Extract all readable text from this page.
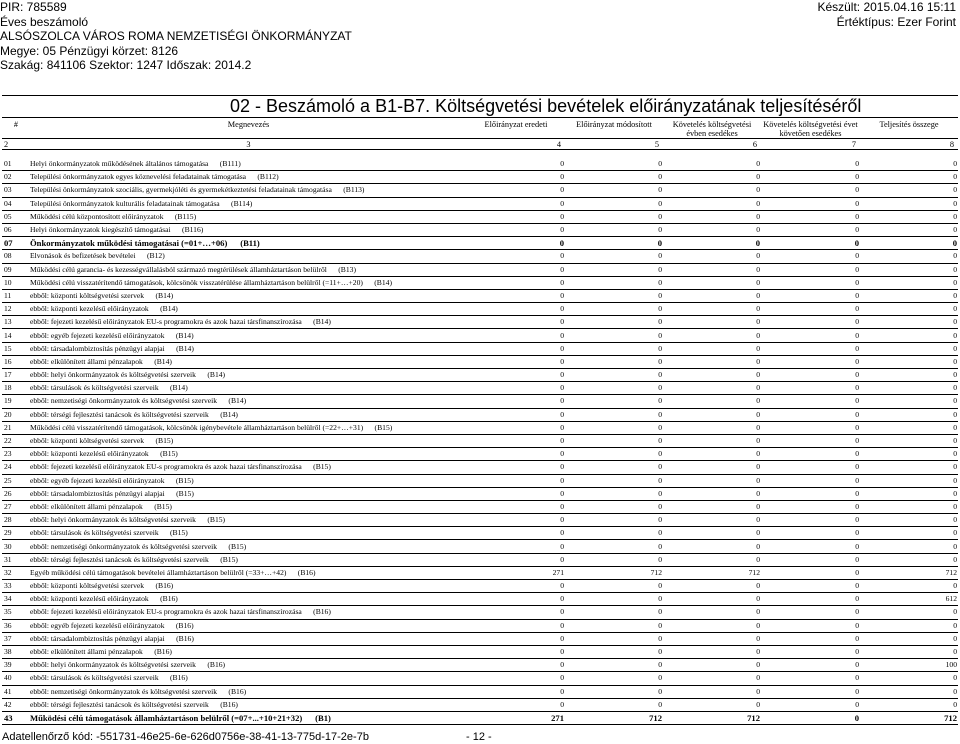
PIR: 785589
Éves beszámoló
ALSÓSZOLCA VÁROS ROMA NEMZETISÉGI ÖNKORMÁNYZAT
Megye: 05 Pénzügyi körzet: 8126
Szakág: 841106 Szektor: 1247 Időszak: 2014.2
Készült: 2015.04.16 15:11
Értéktípus: Ezer Forint
02 - Beszámoló a B1-B7. Költségvetési bevételek előirányzatának teljesítéséről
#	Megnevezés	Előirányzat eredeti	Előirányzat módosított	Követelés költségvetési
évben esedékes	Követelés költségvetési évet
követően esedékes	Teljesítés összege
2	3	4	5	6	7	8

01	Helyi önkormányzatok működésének általános támogatása      (B111)	0	0	0	0	0
02	Települési önkormányzatok egyes köznevelési feladatainak támogatása      (B112)	0	0	0	0	0
03	Települési önkormányzatok szociális, gyermekjóléti és gyermekétkeztetési feladatainak támogatása      (B113)	0	0	0	0	0
04	Települési önkormányzatok kulturális feladatainak támogatása      (B114)	0	0	0	0	0
05	Működési célú központosított előirányzatok      (B115)	0	0	0	0	0
06	Helyi önkormányzatok kiegészítő támogatásai      (B116)	0	0	0	0	0
07	Önkormányzatok működési támogatásai (=01+…+06)      (B11)	0	0	0	0	0
08	Elvonások és befizetések bevételei      (B12)	0	0	0	0	0
09	Működési célú garancia- és kezességvállalásból származó megtérülések államháztartáson belülről      (B13)	0	0	0	0	0
10	Működési célú visszatérítendő támogatások, kölcsönök visszatérülése államháztartáson belülről (=11+…+20)      (B14)	0	0	0	0	0
11	ebből: központi költségvetési szervek      (B14)	0	0	0	0	0
12	ebből: központi kezelésű előirányzatok      (B14)	0	0	0	0	0
13	ebből: fejezeti kezelésű előirányzatok EU-s programokra és azok hazai társfinanszírozása      (B14)	0	0	0	0	0
14	ebből: egyéb fejezeti kezelésű előirányzatok      (B14)	0	0	0	0	0
15	ebből: társadalombiztosítás pénzügyi alapjai      (B14)	0	0	0	0	0
16	ebből: elkülönített állami pénzalapok      (B14)	0	0	0	0	0
17	ebből: helyi önkormányzatok és költségvetési szerveik      (B14)	0	0	0	0	0
18	ebből: társulások és költségvetési szerveik      (B14)	0	0	0	0	0
19	ebből: nemzetiségi önkormányzatok és költségvetési szerveik      (B14)	0	0	0	0	0
20	ebből: térségi fejlesztési tanácsok és költségvetési szerveik      (B14)	0	0	0	0	0
21	Működési célú visszatérítendő támogatások, kölcsönök igénybevétele államháztartáson belülről (=22+…+31)      (B15)	0	0	0	0	0
22	ebből: központi költségvetési szervek      (B15)	0	0	0	0	0
23	ebből: központi kezelésű előirányzatok      (B15)	0	0	0	0	0
24	ebből: fejezeti kezelésű előirányzatok EU-s programokra és azok hazai társfinanszírozása      (B15)	0	0	0	0	0
25	ebből: egyéb fejezeti kezelésű előirányzatok      (B15)	0	0	0	0	0
26	ebből: társadalombiztosítás pénzügyi alapjai      (B15)	0	0	0	0	0
27	ebből: elkülönített állami pénzalapok      (B15)	0	0	0	0	0
28	ebből: helyi önkormányzatok és költségvetési szerveik      (B15)	0	0	0	0	0
29	ebből: társulások és költségvetési szerveik      (B15)	0	0	0	0	0
30	ebből: nemzetiségi önkormányzatok és költségvetési szerveik      (B15)	0	0	0	0	0
31	ebből: térségi fejlesztési tanácsok és költségvetési szerveik      (B15)	0	0	0	0	0
32	Egyéb működési célú támogatások bevételei államháztartáson belülről (=33+…+42)      (B16)	271	712	712	0	712
33	ebből: központi költségvetési szervek      (B16)	0	0	0	0	0
34	ebből: központi kezelésű előirányzatok      (B16)	0	0	0	0	612
35	ebből: fejezeti kezelésű előirányzatok EU-s programokra és azok hazai társfinanszírozása      (B16)	0	0	0	0	0
36	ebből: egyéb fejezeti kezelésű előirányzatok      (B16)	0	0	0	0	0
37	ebből: társadalombiztosítás pénzügyi alapjai      (B16)	0	0	0	0	0
38	ebből: elkülönített állami pénzalapok      (B16)	0	0	0	0	0
39	ebből: helyi önkormányzatok és költségvetési szerveik      (B16)	0	0	0	0	100
40	ebből: társulások és költségvetési szerveik      (B16)	0	0	0	0	0
41	ebből: nemzetiségi önkormányzatok és költségvetési szerveik      (B16)	0	0	0	0	0
42	ebből: térségi fejlesztési tanácsok és költségvetési szerveik      (B16)	0	0	0	0	0
43	Működési célú támogatások államháztartáson belülről (=07+...+10+21+32)      (B1)	271	712	712	0	712
Adatellenőrző kód: -551731-46e25-6e-626d0756e-38-41-13-775d-17-2e-7b	- 12 -
